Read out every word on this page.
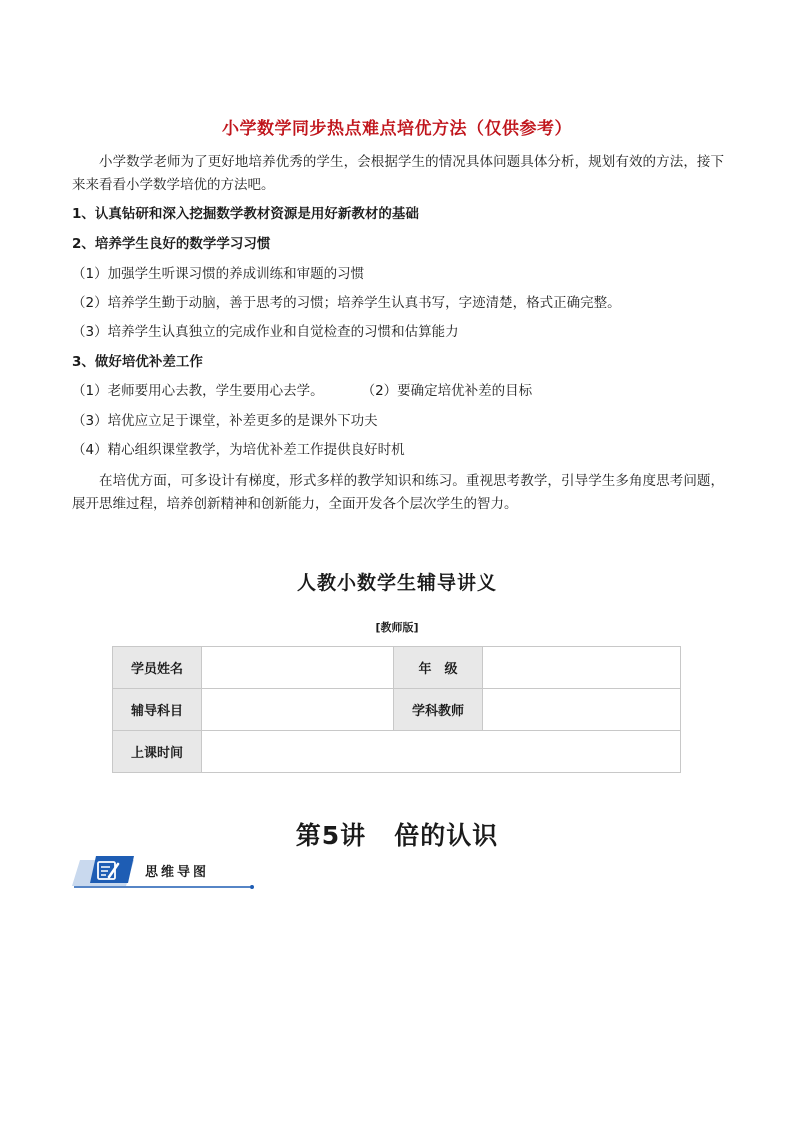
小学数学同步热点难点培优方法（仅供参考）
小学数学老师为了更好地培养优秀的学生，会根据学生的情况具体问题具体分析，规划有效的方法，接下来来看看小学数学培优的方法吧。
1、认真钻研和深入挖掘数学教材资源是用好新教材的基础
2、培养学生良好的数学学习习惯
（1）加强学生听课习惯的养成训练和审题的习惯
（2）培养学生勤于动脑，善于思考的习惯；培养学生认真书写，字迹清楚，格式正确完整。
（3）培养学生认真独立的完成作业和自觉检查的习惯和估算能力
3、做好培优补差工作
（1）老师要用心去教，学生要用心去学。	（2）要确定培优补差的目标
（3）培优应立足于课堂，补差更多的是课外下功夫
（4）精心组织课堂教学，为培优补差工作提供良好时机
在培优方面，可多设计有梯度，形式多样的教学知识和练习。重视思考教学，引导学生多角度思考问题，展开思维过程，培养创新精神和创新能力，全面开发各个层次学生的智力。
人教小数学生辅导讲义
[教师版]
学员姓名		年　级	
辅导科目		学科教师	
上课时间			
第5讲 倍的认识
思维导图
